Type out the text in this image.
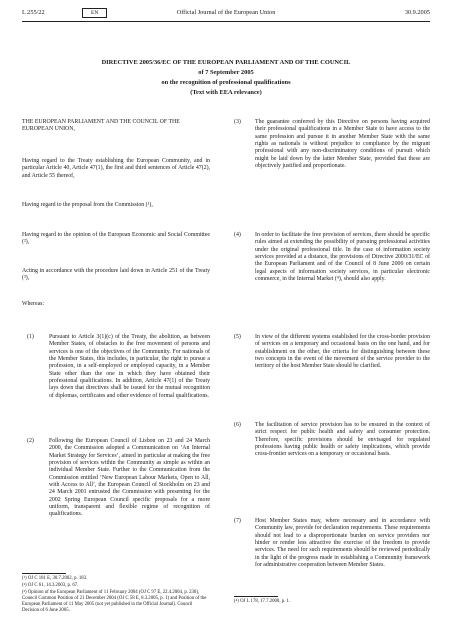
L 255/22	EN	Official Journal of the European Union	30.9.2005
DIRECTIVE 2005/36/EC OF THE EUROPEAN PARLIAMENT AND OF THE COUNCIL
of 7 September 2005
on the recognition of professional qualifications
(Text with EEA relevance)

THE EUROPEAN PARLIAMENT AND THE COUNCIL OF THE EUROPEAN UNION,

Having regard to the Treaty establishing the European Community, and in particular Article 40, Article 47(1), the first and third sentences of Article 47(2), and Article 55 thereof,

Having regard to the proposal from the Commission (¹),

Having regard to the opinion of the European Economic and Social Committee (²),

Acting in accordance with the procedure laid down in Article 251 of the Treaty (³),

Whereas:

(1)	Pursuant to Article 3(1)(c) of the Treaty, the abolition, as between Member States, of obstacles to the free movement of persons and services is one of the objectives of the Community. For nationals of the Member States, this includes, in particular, the right to pursue a profession, in a self-employed or employed capacity, in a Member State other than the one in which they have obtained their professional qualifications. In addition, Article 47(1) of the Treaty lays down that directives shall be issued for the mutual recognition of diplomas, certificates and other evidence of formal qualifications.

(2)	Following the European Council of Lisbon on 23 and 24 March 2000, the Commission adopted a Communication on ‘An Internal Market Strategy for Services’, aimed in particular at making the free provision of services within the Community as simple as within an individual Member State. Further to the Communication from the Commission entitled ‘New European Labour Markets, Open to All, with Access to All’, the European Council of Stockholm on 23 and 24 March 2001 entrusted the Commission with presenting for the 2002 Spring European Council specific proposals for a more uniform, transparent and flexible regime of recognition of qualifications.

(¹) OJ C 181 E, 30.7.2002, p. 183.

(²) OJ C 61, 14.3.2003, p. 67.

(³) Opinion of the European Parliament of 11 February 2004 (OJ C 97 E, 22.4.2004, p. 230), Council Common Position of 21 December 2004 (OJ C 58 E, 8.3.2005, p. 1) and Position of the European Parliament of 11 May 2005 (not yet published in the Official Journal). Council Decision of 6 June 2005.

(3) The guarantee conferred by this Directive on persons having acquired their professional qualifications in a Member State to have access to the same profession and pursue it in another Member State with the same rights as nationals is without prejudice to compliance by the migrant professional with any non-discriminatory conditions of pursuit which might be laid down by the latter Member State, provided that these are objectively justified and proportionate.

(4) In order to facilitate the free provision of services, there should be specific rules aimed at extending the possibility of pursuing professional activities under the original professional title. In the case of information society services provided at a distance, the provisions of Directive 2000/31/EC of the European Parliament and of the Council of 8 June 2000 on certain legal aspects of information society services, in particular electronic commerce, in the Internal Market (⁴), should also apply.

(5) In view of the different systems established for the cross-border provision of services on a temporary and occasional basis on the one hand, and for establishment on the other, the criteria for distinguishing between these two concepts in the event of the movement of the service provider to the territory of the host Member State should be clarified.

(6) The facilitation of service provision has to be ensured in the context of strict respect for public health and safety and consumer protection. Therefore, specific provisions should be envisaged for regulated professions having public health or safety implications, which provide cross-frontier services on a temporary or occasional basis.

(7) Host Member States may, where necessary and in accordance with Community law, provide for declaration requirements. These requirements should not lead to a disproportionate burden on service providers nor hinder or render less attractive the exercise of the freedom to provide services. The need for such requirements should be reviewed periodically in the light of the progress made in establishing a Community framework for administrative cooperation between Member States.

(⁴) OJ L 178, 17.7.2000, p. 1.
